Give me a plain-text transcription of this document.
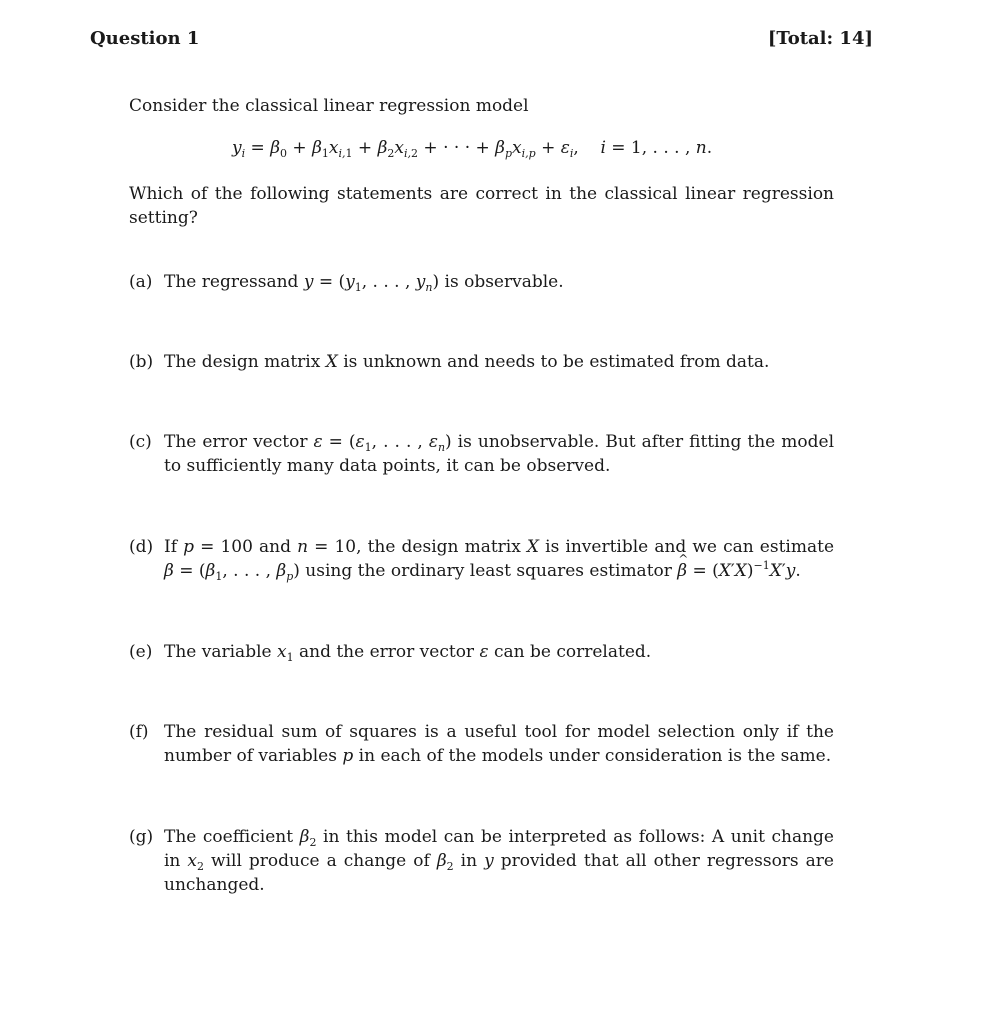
Question 1	[Total: 14]
Consider the classical linear regression model
$y_i = \beta_0 + \beta_1x_{i,1} + \beta_2x_{i,2}$ + · · · + $\beta_px_{i,p} + \varepsilon_i$,    i = 1, . . . , n.
Which of the following statements are correct in the classical linear regression setting?
(a) The regressand $y = (y_1$, . . . , $y_n$) is observable.
(b) The design matrix X is unknown and needs to be estimated from data.
(c) The error vector $\varepsilon = (\varepsilon_1$, . . . , $\varepsilon_n$) is unobservable. But after fitting the model to sufficiently many data points, it can be observed.
(d) If p = 100 and n = 10, the design matrix X is invertible and we can estimate $\beta = (\beta_1$, . . . , $\beta_p$) using the ordinary least squares estimator ^ $\beta = (X'X)^{-1}X'y$.
(e) The variable $x_1$ and the error vector ε can be correlated.
(f) The residual sum of squares is a useful tool for model selection only if the number of variables p in each of the models under consideration is the same.
(g) The coefficient $\beta_2$ in this model can be interpreted as follows: A unit change in $x_2$ will produce a change of $\beta_2$ in y provided that all other regressors are unchanged.
